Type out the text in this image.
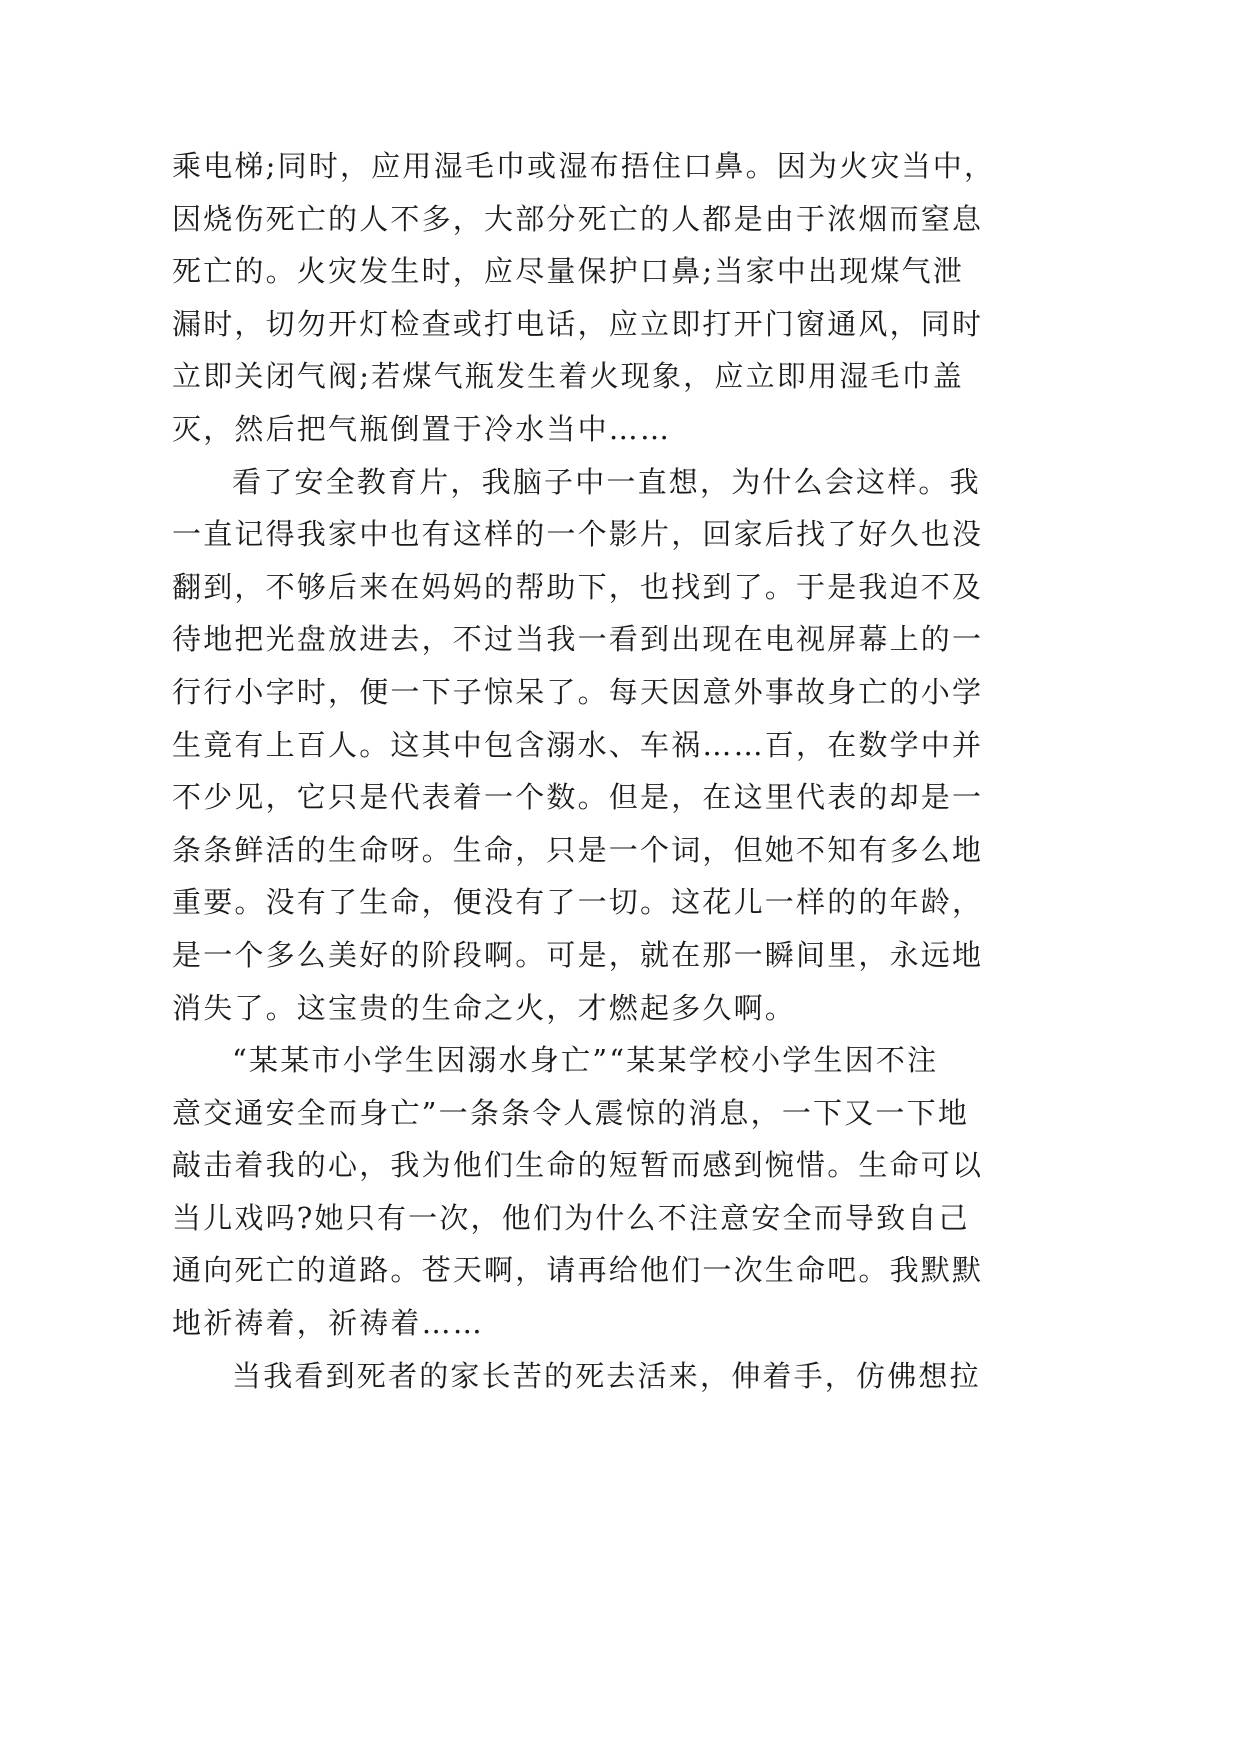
乘电梯;同时，应用湿毛巾或湿布捂住口鼻。因为火灾当中，
因烧伤死亡的人不多，大部分死亡的人都是由于浓烟而窒息
死亡的。火灾发生时，应尽量保护口鼻;当家中出现煤气泄
漏时，切勿开灯检查或打电话，应立即打开门窗通风，同时
立即关闭气阀;若煤气瓶发生着火现象，应立即用湿毛巾盖
灭，然后把气瓶倒置于冷水当中……
看了安全教育片，我脑子中一直想，为什么会这样。我
一直记得我家中也有这样的一个影片，回家后找了好久也没
翻到，不够后来在妈妈的帮助下，也找到了。于是我迫不及
待地把光盘放进去，不过当我一看到出现在电视屏幕上的一
行行小字时，便一下子惊呆了。每天因意外事故身亡的小学
生竟有上百人。这其中包含溺水、车祸……百，在数学中并
不少见，它只是代表着一个数。但是，在这里代表的却是一
条条鲜活的生命呀。生命，只是一个词，但她不知有多么地
重要。没有了生命，便没有了一切。这花儿一样的的年龄，
是一个多么美好的阶段啊。可是，就在那一瞬间里，永远地
消失了。这宝贵的生命之火，才燃起多久啊。
“某某市小学生因溺水身亡”“某某学校小学生因不注
意交通安全而身亡”一条条令人震惊的消息，一下又一下地
敲击着我的心，我为他们生命的短暂而感到惋惜。生命可以
当儿戏吗?她只有一次，他们为什么不注意安全而导致自己
通向死亡的道路。苍天啊，请再给他们一次生命吧。我默默
地祈祷着，祈祷着……
当我看到死者的家长苦的死去活来，伸着手，仿佛想拉
